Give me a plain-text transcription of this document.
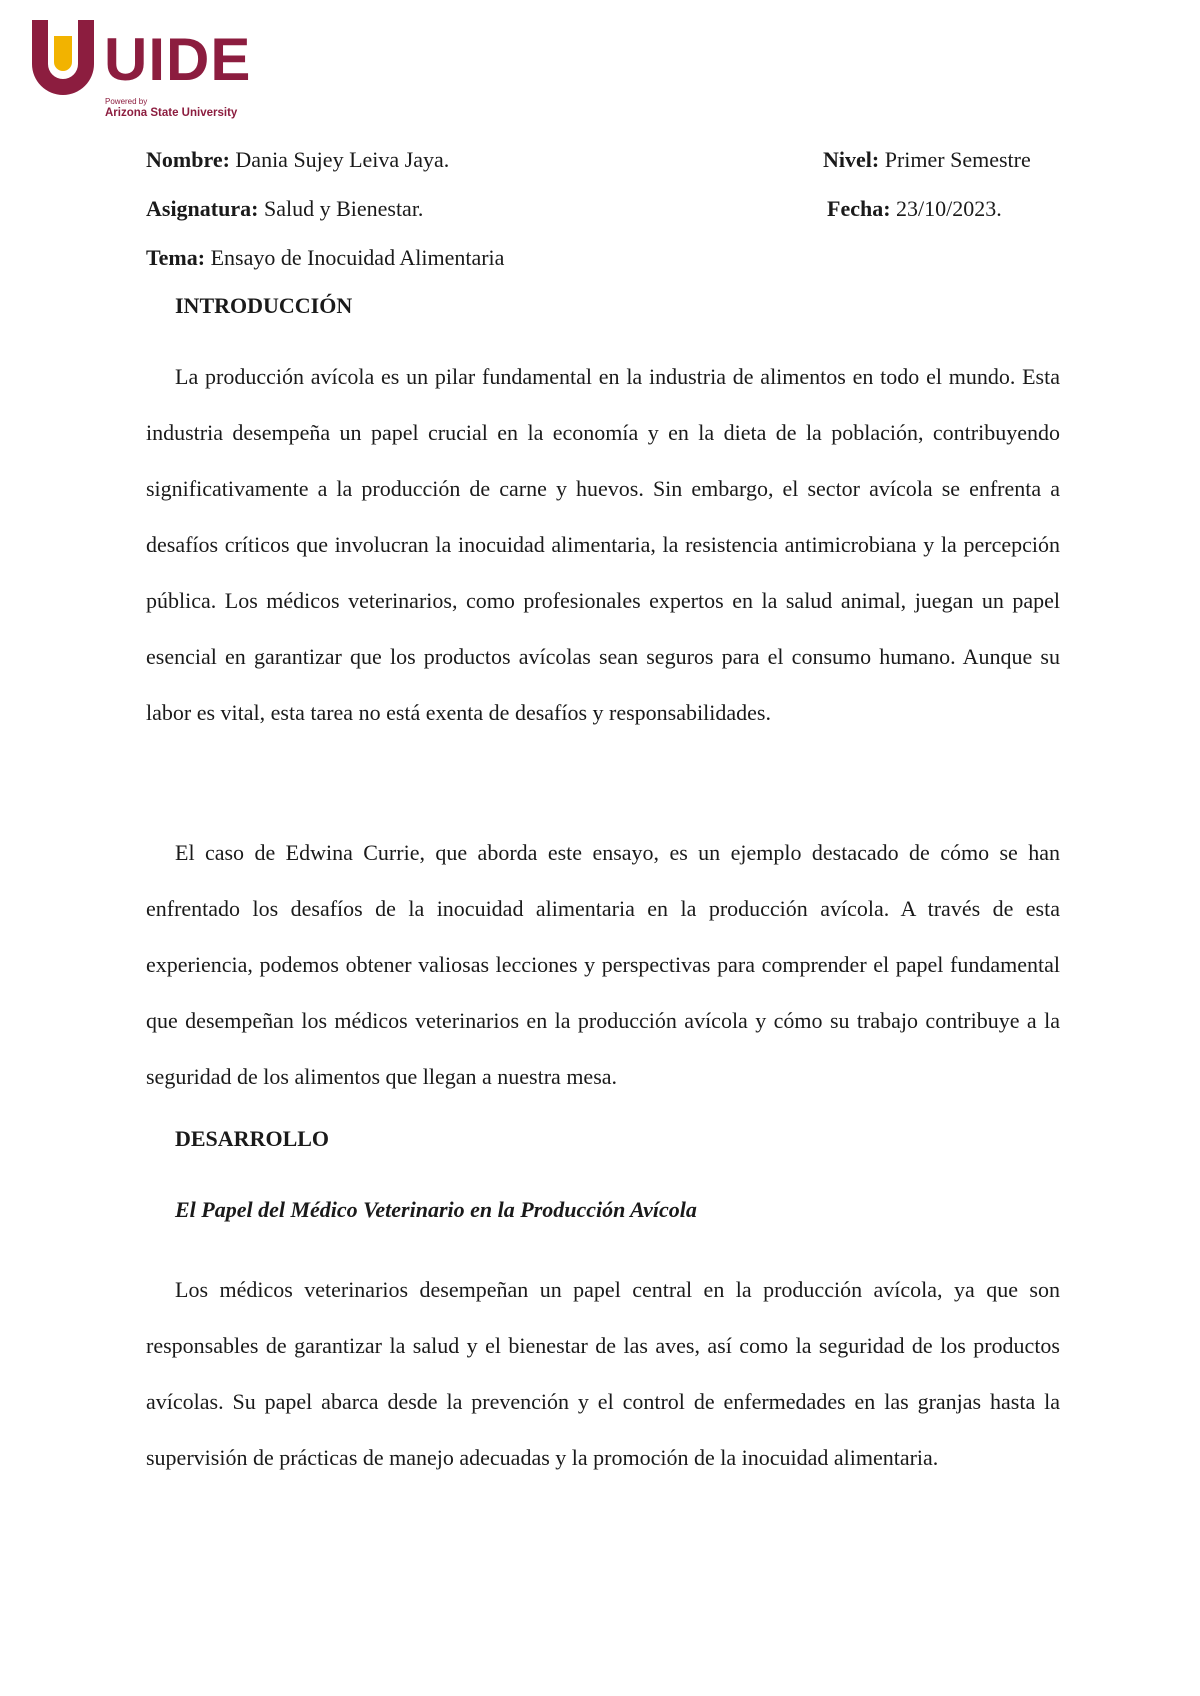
UIDE
Powered by
Arizona State University
Nombre: Dania Sujey Leiva Jaya.	Nivel: Primer Semestre
Asignatura: Salud y Bienestar.	Fecha: 23/10/2023.
Tema: Ensayo de Inocuidad Alimentaria
INTRODUCCIÓN

La producción avícola es un pilar fundamental en la industria de alimentos en todo el mundo. Esta industria desempeña un papel crucial en la economía y en la dieta de la población, contribuyendo significativamente a la producción de carne y huevos. Sin embargo, el sector avícola se enfrenta a desafíos críticos que involucran la inocuidad alimentaria, la resistencia antimicrobiana y la percepción pública. Los médicos veterinarios, como profesionales expertos en la salud animal, juegan un papel esencial en garantizar que los productos avícolas sean seguros para el consumo humano. Aunque su labor es vital, esta tarea no está exenta de desafíos y responsabilidades.

El caso de Edwina Currie, que aborda este ensayo, es un ejemplo destacado de cómo se han enfrentado los desafíos de la inocuidad alimentaria en la producción avícola. A través de esta experiencia, podemos obtener valiosas lecciones y perspectivas para comprender el papel fundamental que desempeñan los médicos veterinarios en la producción avícola y cómo su trabajo contribuye a la seguridad de los alimentos que llegan a nuestra mesa.

DESARROLLO
El Papel del Médico Veterinario en la Producción Avícola

Los médicos veterinarios desempeñan un papel central en la producción avícola, ya que son responsables de garantizar la salud y el bienestar de las aves, así como la seguridad de los productos avícolas. Su papel abarca desde la prevención y el control de enfermedades en las granjas hasta la supervisión de prácticas de manejo adecuadas y la promoción de la inocuidad alimentaria.
